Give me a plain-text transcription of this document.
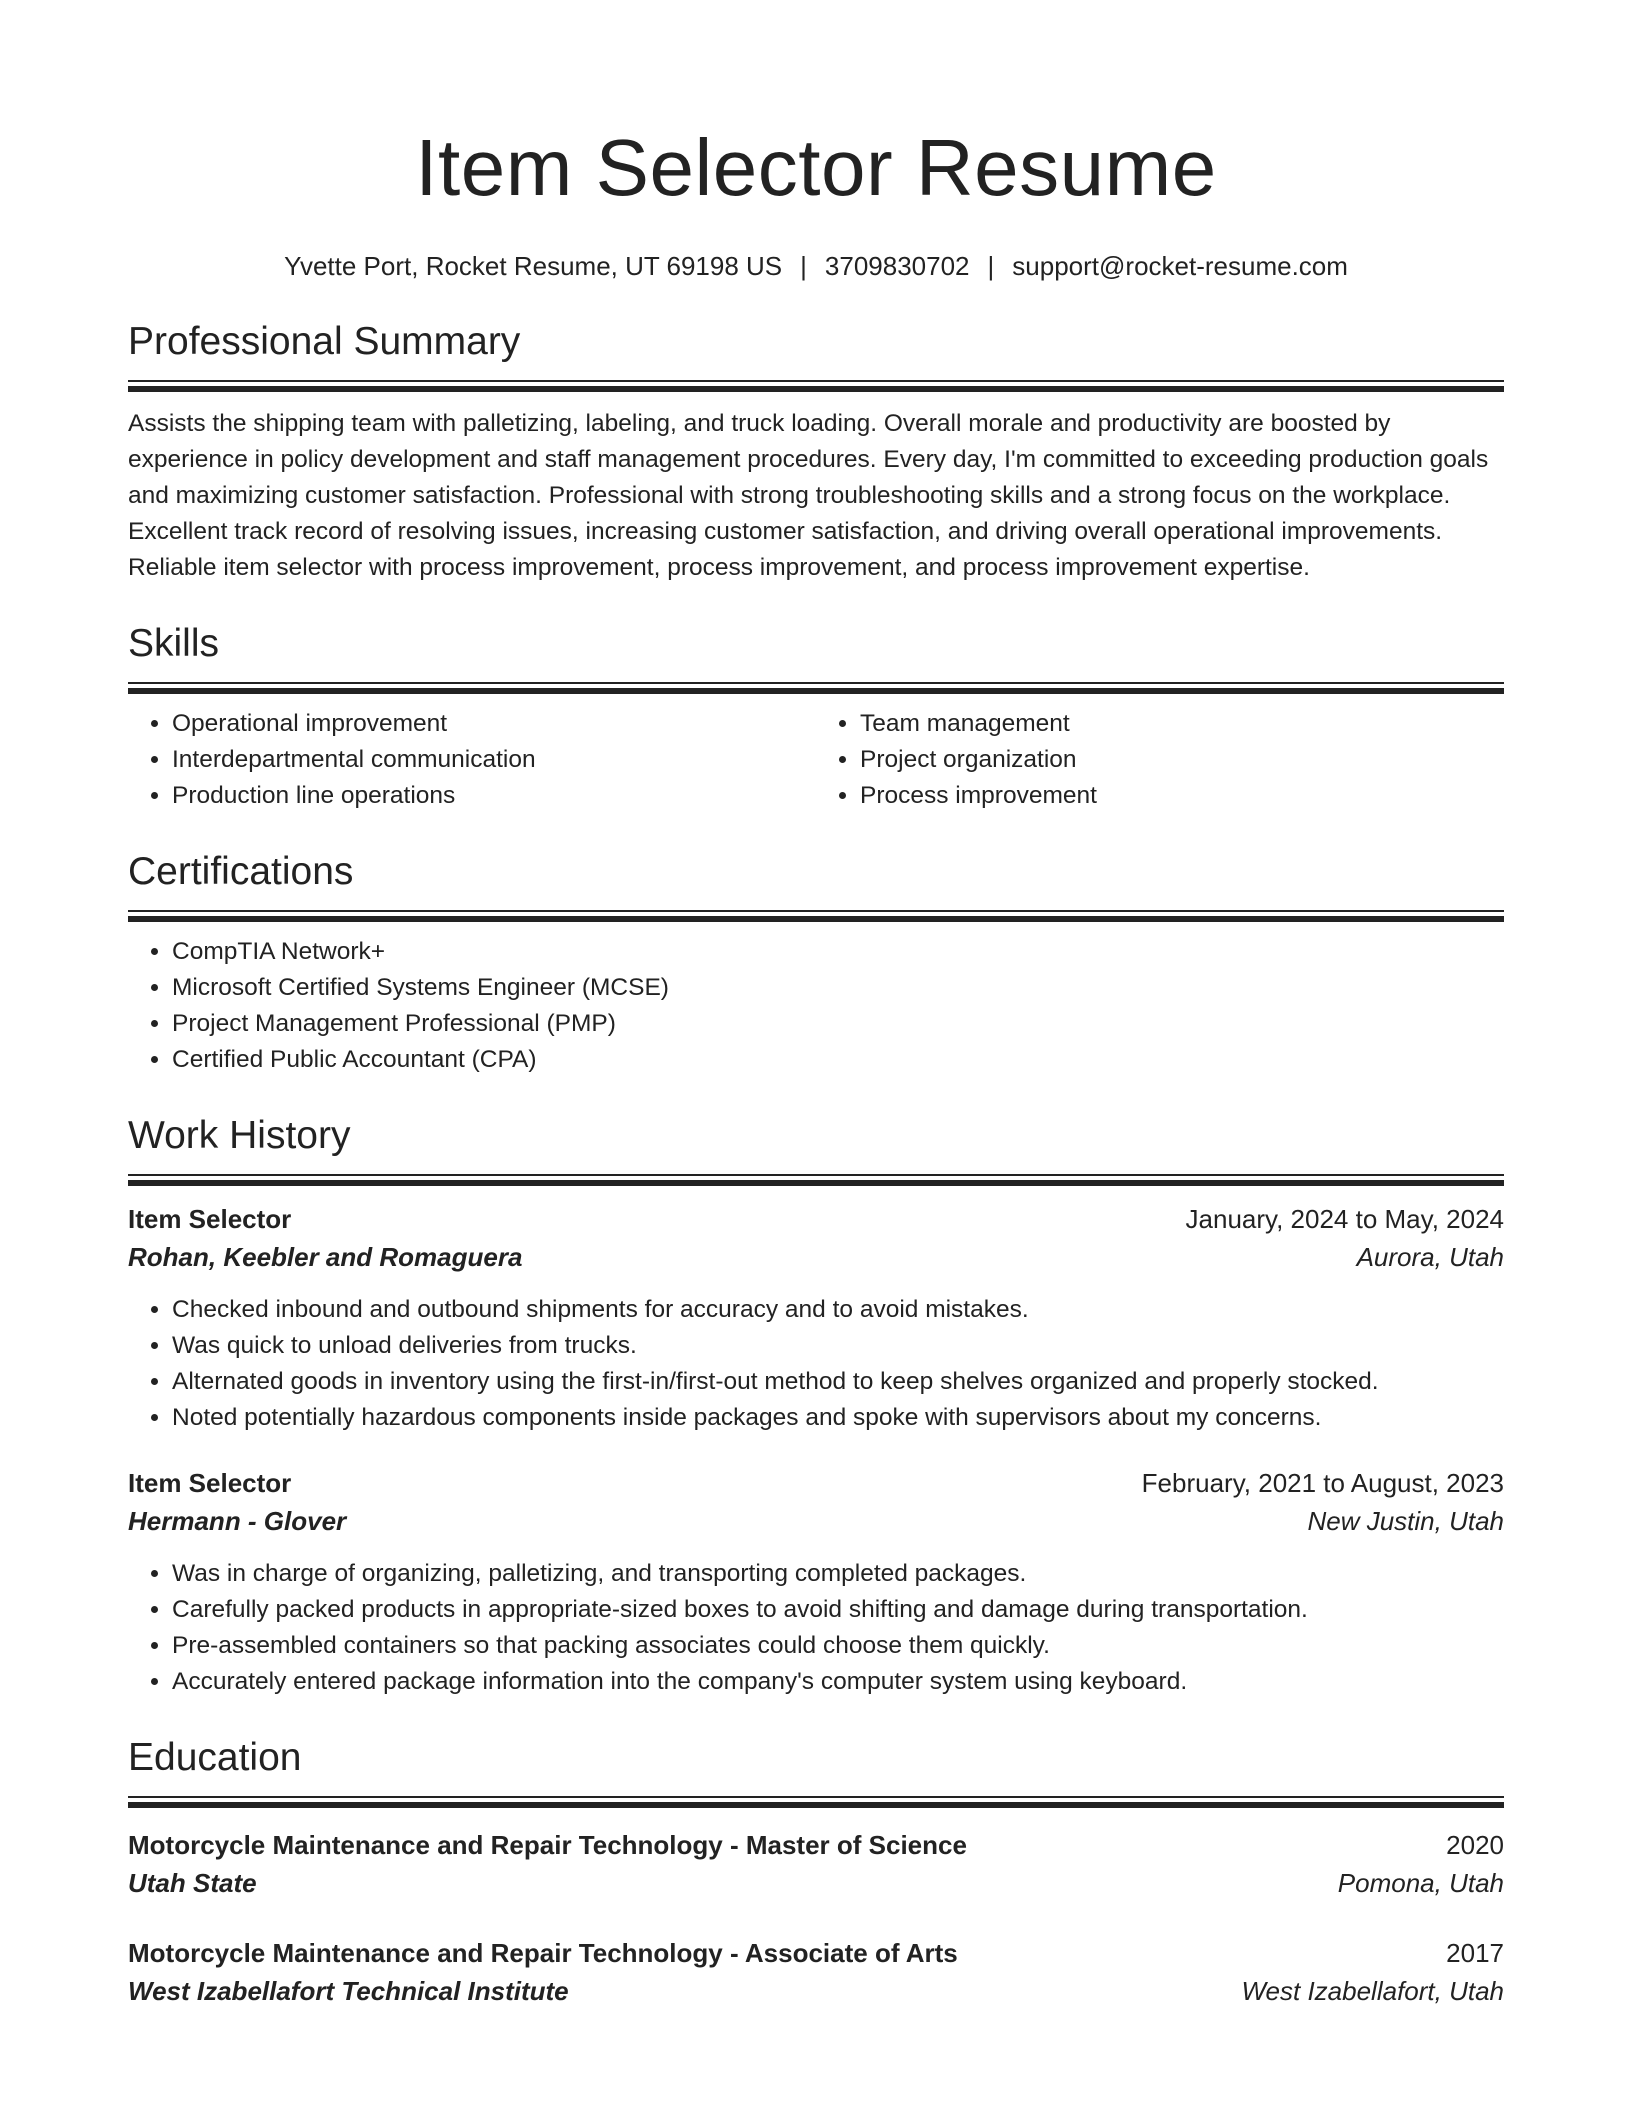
Item Selector Resume
Yvette Port, Rocket Resume, UT 69198 US | 3709830702 | support@rocket-resume.com
Professional Summary
Assists the shipping team with palletizing, labeling, and truck loading. Overall morale and productivity are boosted by experience in policy development and staff management procedures. Every day, I'm committed to exceeding production goals and maximizing customer satisfaction. Professional with strong troubleshooting skills and a strong focus on the workplace. Excellent track record of resolving issues, increasing customer satisfaction, and driving overall operational improvements. Reliable item selector with process improvement, process improvement, and process improvement expertise.
Skills
• Operational improvement
• Interdepartmental communication
• Production line operations
• Team management
• Project organization
• Process improvement
Certifications
• CompTIA Network+
• Microsoft Certified Systems Engineer (MCSE)
• Project Management Professional (PMP)
• Certified Public Accountant (CPA)
Work History
Item Selector	January, 2024 to May, 2024
Rohan, Keebler and Romaguera	Aurora, Utah
• Checked inbound and outbound shipments for accuracy and to avoid mistakes.
• Was quick to unload deliveries from trucks.
• Alternated goods in inventory using the first-in/first-out method to keep shelves organized and properly stocked.
• Noted potentially hazardous components inside packages and spoke with supervisors about my concerns.
Item Selector	February, 2021 to August, 2023
Hermann - Glover	New Justin, Utah
• Was in charge of organizing, palletizing, and transporting completed packages.
• Carefully packed products in appropriate-sized boxes to avoid shifting and damage during transportation.
• Pre-assembled containers so that packing associates could choose them quickly.
• Accurately entered package information into the company's computer system using keyboard.
Education
Motorcycle Maintenance and Repair Technology - Master of Science	2020
Utah State	Pomona, Utah
Motorcycle Maintenance and Repair Technology - Associate of Arts	2017
West Izabellafort Technical Institute	West Izabellafort, Utah
